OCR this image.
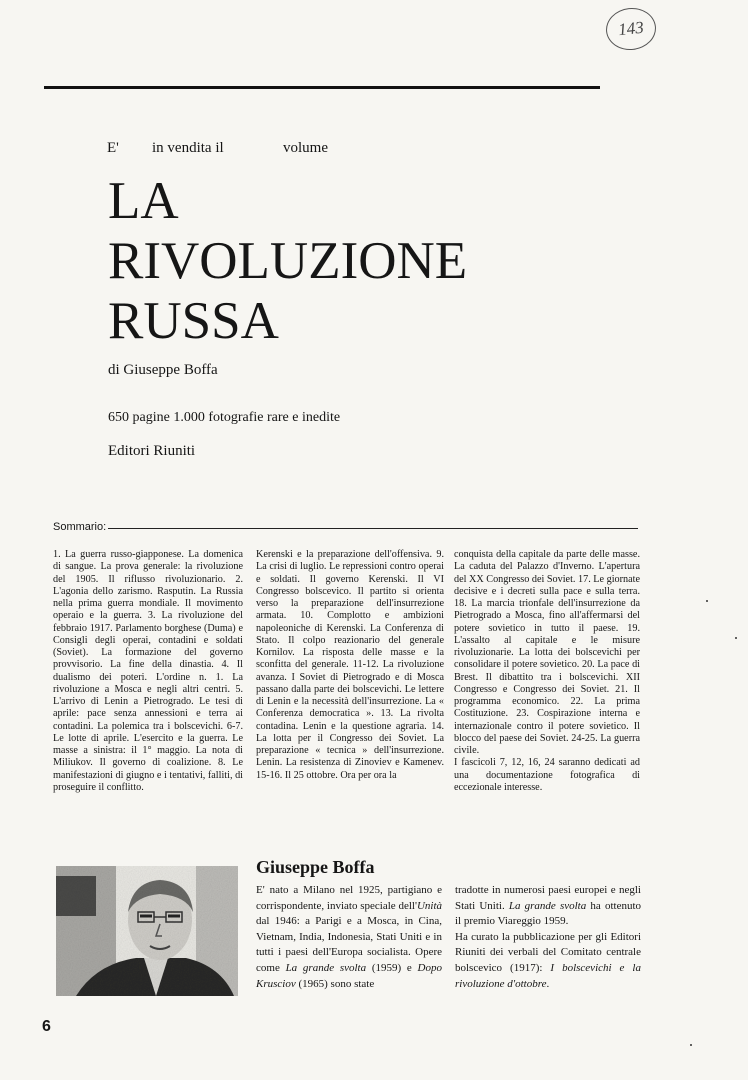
143
E' in vendita il	volume
LA
RIVOLUZIONE
RUSSA
di Giuseppe Boffa
650 pagine 1.000 fotografie rare e inedite
Editori Riuniti
Sommario:
1. La guerra russo-giapponese. La domenica di sangue. La prova generale: la rivoluzione del 1905. Il riflusso rivoluzionario. 2. L'agonia dello zarismo. Rasputin. La Russia nella prima guerra mondiale. Il movimento operaio e la guerra. 3. La rivoluzione del febbraio 1917. Parlamento borghese (Duma) e Consigli degli operai, contadini e soldati (Soviet). La formazione del governo provvisorio. La fine della dinastia. 4. Il dualismo dei poteri. L'ordine n. 1. La rivoluzione a Mosca e negli altri centri. 5. L'arrivo di Lenin a Pietrogrado. Le tesi di aprile: pace senza annessioni e terra ai contadini. La polemica tra i bolscevichi. 6-7. Le lotte di aprile. L'esercito e la guerra. Le masse a sinistra: il 1° maggio. La nota di Miliukov. Il governo di coalizione. 8. Le manifestazioni di giugno e i tentativi, falliti, di proseguire il conflitto.
Kerenski e la preparazione dell'offensiva. 9. La crisi di luglio. Le repressioni contro operai e soldati. Il governo Kerenski. Il VI Congresso bolscevico. Il partito si orienta verso la preparazione dell'insurrezione armata. 10. Complotto e ambizioni napoleoniche di Kerenski. La Conferenza di Stato. Il colpo reazionario del generale Kornilov. La risposta delle masse e la sconfitta del generale. 11-12. La rivoluzione avanza. I Soviet di Pietrogrado e di Mosca passano dalla parte dei bolscevichi. Le lettere di Lenin e la necessità dell'insurrezione. La « Conferenza democratica ». 13. La rivolta contadina. Lenin e la questione agraria. 14. La lotta per il Congresso dei Soviet. La preparazione « tecnica » dell'insurrezione. Lenin. La resistenza di Zinoviev e Kamenev. 15-16. Il 25 ottobre. Ora per ora la
conquista della capitale da parte delle masse. La caduta del Palazzo d'Inverno. L'apertura del XX Congresso dei Soviet. 17. Le giornate decisive e i decreti sulla pace e sulla terra. 18. La marcia trionfale dell'insurrezione da Pietrogrado a Mosca, fino all'affermarsi del potere sovietico in tutto il paese. 19. L'assalto al capitale e le misure rivoluzionarie. La lotta dei bolscevichi per consolidare il potere sovietico. 20. La pace di Brest. Il dibattito tra i bolscevichi. XII Congresso e Congresso dei Soviet. 21. Il programma economico. 22. La prima Costituzione. 23. Cospirazione interna e internazionale contro il potere sovietico. Il blocco del paese dei Soviet. 24-25. La guerra civile.
I fascicoli 7, 12, 16, 24 saranno dedicati ad una documentazione fotografica di eccezionale interesse.
Giuseppe Boffa
E' nato a Milano nel 1925, partigiano e corrispondente, inviato speciale dell'Unità dal 1946: a Parigi e a Mosca, in Cina, Vietnam, India, Indonesia, Stati Uniti e in tutti i paesi dell'Europa socialista. Opere come La grande svolta (1959) e Dopo Krusciov (1965) sono state
tradotte in numerosi paesi europei e negli Stati Uniti. La grande svolta ha ottenuto il premio Viareggio 1959.
Ha curato la pubblicazione per gli Editori Riuniti dei verbali del Comitato centrale bolscevico (1917): I bolscevichi e la rivoluzione d'ottobre.
6
